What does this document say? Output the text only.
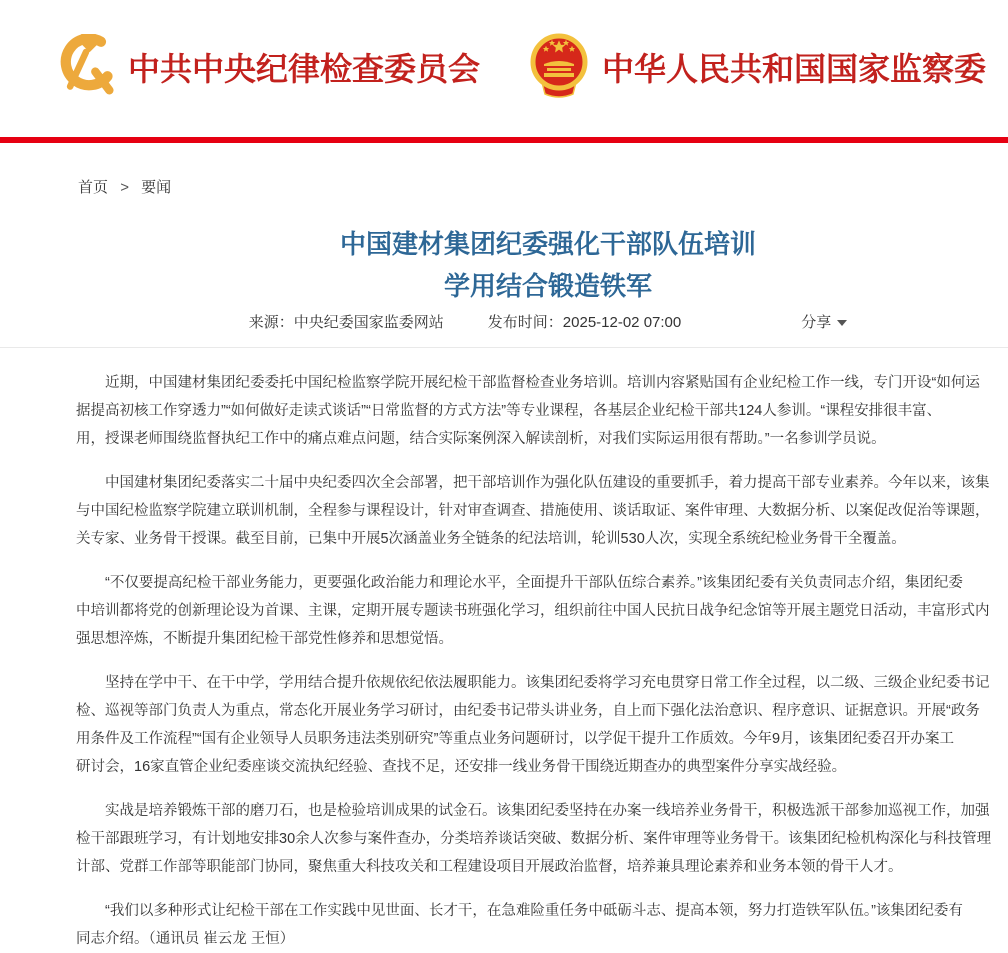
中共中央纪律检查委员会	中华人民共和国国家监察委
首页 > 要闻
中国建材集团纪委强化干部队伍培训
学用结合锻造铁军
来源：中央纪委国家监委网站	发布时间：2025-12-02 07:00	分享
近期，中国建材集团纪委委托中国纪检监察学院开展纪检干部监督检查业务培训。培训内容紧贴国有企业纪检工作一线，专门开设“如何运
据提高初核工作穿透力”“如何做好走读式谈话”“日常监督的方式方法”等专业课程，各基层企业纪检干部共124人参训。“课程安排很丰富、
用，授课老师围绕监督执纪工作中的痛点难点问题，结合实际案例深入解读剖析，对我们实际运用很有帮助。”一名参训学员说。
中国建材集团纪委落实二十届中央纪委四次全会部署，把干部培训作为强化队伍建设的重要抓手，着力提高干部专业素养。今年以来，该集
与中国纪检监察学院建立联训机制，全程参与课程设计，针对审查调查、措施使用、谈话取证、案件审理、大数据分析、以案促改促治等课题，
关专家、业务骨干授课。截至目前，已集中开展5次涵盖业务全链条的纪法培训，轮训530人次，实现全系统纪检业务骨干全覆盖。
“不仅要提高纪检干部业务能力，更要强化政治能力和理论水平，全面提升干部队伍综合素养。”该集团纪委有关负责同志介绍，集团纪委
中培训都将党的创新理论设为首课、主课，定期开展专题读书班强化学习，组织前往中国人民抗日战争纪念馆等开展主题党日活动，丰富形式内
强思想淬炼，不断提升集团纪检干部党性修养和思想觉悟。
坚持在学中干、在干中学，学用结合提升依规依纪依法履职能力。该集团纪委将学习充电贯穿日常工作全过程，以二级、三级企业纪委书记
检、巡视等部门负责人为重点，常态化开展业务学习研讨，由纪委书记带头讲业务，自上而下强化法治意识、程序意识、证据意识。开展“政务
用条件及工作流程”“国有企业领导人员职务违法类别研究”等重点业务问题研讨，以学促干提升工作质效。今年9月，该集团纪委召开办案工
研讨会，16家直管企业纪委座谈交流执纪经验、查找不足，还安排一线业务骨干围绕近期查办的典型案件分享实战经验。
实战是培养锻炼干部的磨刀石，也是检验培训成果的试金石。该集团纪委坚持在办案一线培养业务骨干，积极选派干部参加巡视工作，加强
检干部跟班学习，有计划地安排30余人次参与案件查办，分类培养谈话突破、数据分析、案件审理等业务骨干。该集团纪检机构深化与科技管理
计部、党群工作部等职能部门协同，聚焦重大科技攻关和工程建设项目开展政治监督，培养兼具理论素养和业务本领的骨干人才。
“我们以多种形式让纪检干部在工作实践中见世面、长才干，在急难险重任务中砥砺斗志、提高本领，努力打造铁军队伍。”该集团纪委有
同志介绍。（通讯员 崔云龙 王恒）
